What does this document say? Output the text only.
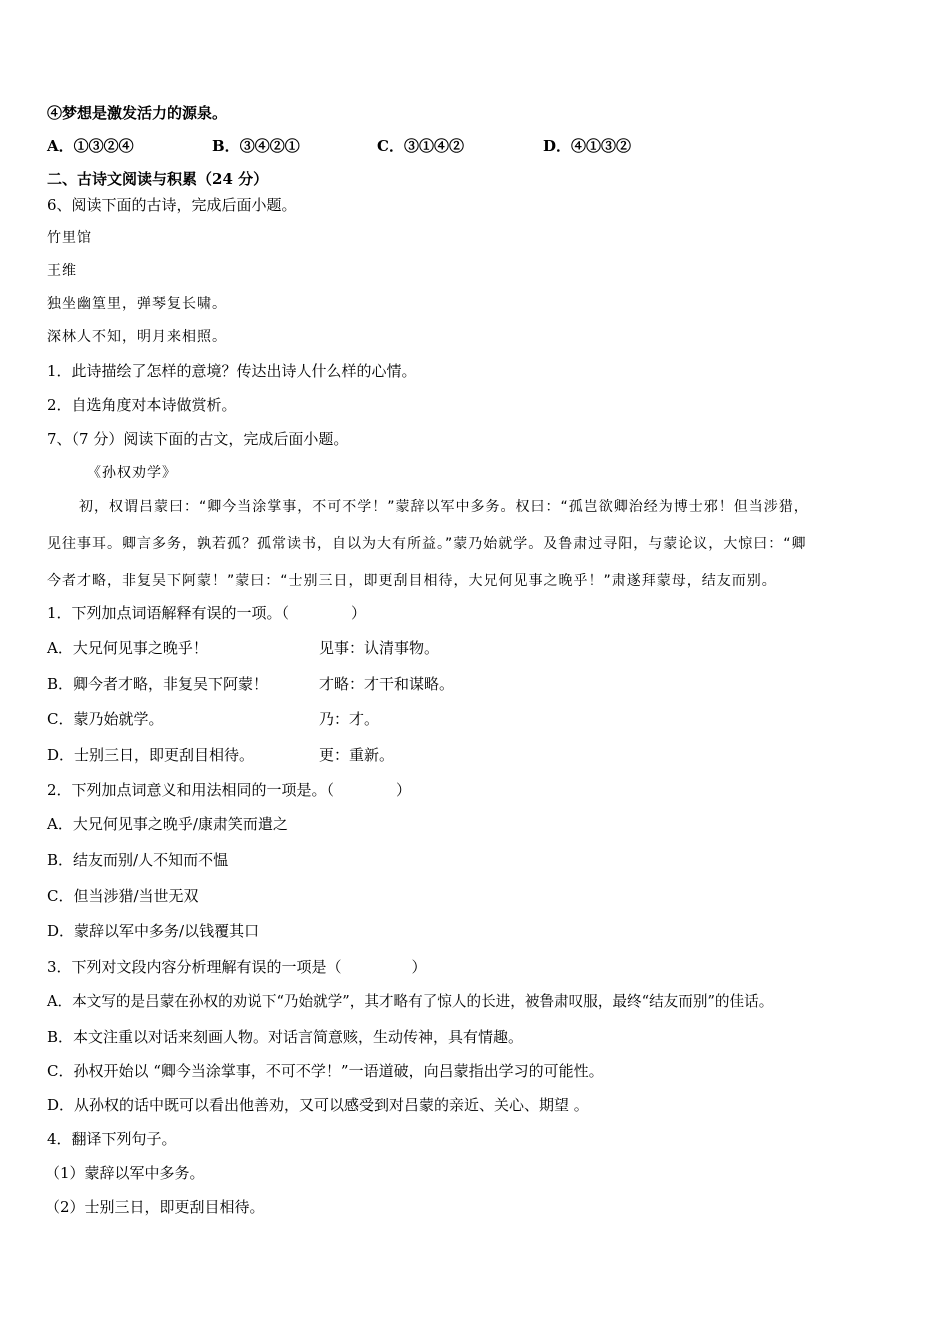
④梦想是激发活力的源泉。
A．①③②④	B．③④②①	C．③①④②	D．④①③②
二、古诗文阅读与积累（24 分）
6、阅读下面的古诗，完成后面小题。
竹里馆
王维
独坐幽篁里，弹琴复长啸。
深林人不知，明月来相照。
1．此诗描绘了怎样的意境？传达出诗人什么样的心情。
2．自选角度对本诗做赏析。
7、（7 分）阅读下面的古文，完成后面小题。
《孙权劝学》
初，权谓吕蒙曰：“卿今当涂掌事，不可不学！”蒙辞以军中多务。权曰：“孤岂欲卿治经为博士邪！但当涉猎，
见往事耳。卿言多务，孰若孤？孤常读书，自以为大有所益。”蒙乃始就学。及鲁肃过寻阳，与蒙论议，大惊曰：“卿
今者才略，非复吴下阿蒙！”蒙曰：“士别三日，即更刮目相待，大兄何见事之晚乎！”肃遂拜蒙母，结友而别。
1．下列加点词语解释有误的一项。（	）
A．大兄何见事之晚乎！	见事：认清事物。
B．卿今者才略，非复吴下阿蒙！	才略：才干和谋略。
C．蒙乃始就学。	乃：才。
D．士别三日，即更刮目相待。	更：重新。
2．下列加点词意义和用法相同的一项是。（	）
A．大兄何见事之晚乎/康肃笑而遣之
B．结友而别/人不知而不愠
C．但当涉猎/当世无双
D．蒙辞以军中多务/以钱覆其口
3．下列对文段内容分析理解有误的一项是（	）
A．本文写的是吕蒙在孙权的劝说下“乃始就学”，其才略有了惊人的长进，被鲁肃叹服，最终“结友而别”的佳话。
B．本文注重以对话来刻画人物。对话言简意赅，生动传神，具有情趣。
C．孙权开始以 “卿今当涂掌事，不可不学！”一语道破，向吕蒙指出学习的可能性。
D．从孙权的话中既可以看出他善劝，又可以感受到对吕蒙的亲近、关心、期望 。
4．翻译下列句子。
（1）蒙辞以军中多务。
（2）士别三日，即更刮目相待。
